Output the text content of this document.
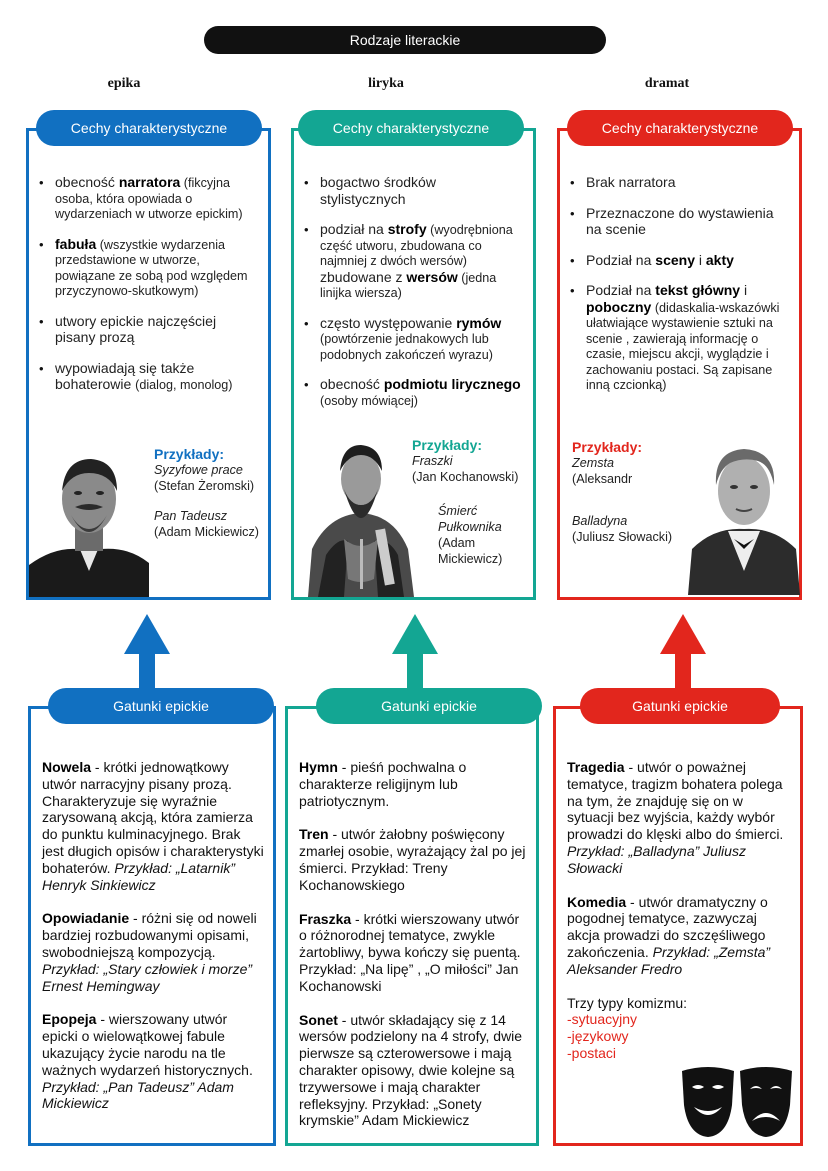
Rodzaje literackie
epika	liryka	dramat
Cechy charakterystyczne
• obecność narratora (fikcyjna osoba, która opowiada o wydarzeniach w utworze epickim)
• fabuła (wszystkie wydarzenia przedstawione w utworze, powiązane ze sobą pod względem przyczynowo-skutkowym)
• utwory epickie najczęściej pisany prozą
• wypowiadają się także bohaterowie (dialog, monolog)
Przykłady:
Syzyfowe prace
(Stefan Żeromski)
Pan Tadeusz
(Adam Mickiewicz)
Cechy charakterystyczne
• bogactwo środków stylistycznych
• podział na strofy (wyodrębniona część utworu, zbudowana co najmniej z dwóch wersów) zbudowane z wersów (jedna linijka wiersza)
• często występowanie rymów (powtórzenie jednakowych lub podobnych zakończeń wyrazu)
• obecność podmiotu lirycznego (osoby mówiącej)
Przykłady:
Fraszki
(Jan Kochanowski)
Śmierć Pułkownika
(Adam Mickiewicz)
Cechy charakterystyczne
• Brak narratora
• Przeznaczone do wystawienia na scenie
• Podział na sceny i akty
• Podział na tekst główny i poboczny (didaskalia-wskazówki ułatwiające wystawienie sztuki na scenie , zawierają informację o czasie, miejscu akcji, wyglądzie i zachowaniu postaci. Są zapisane inną czcionką)
Przykłady:
Zemsta
(Aleksandr
Balladyna
(Juliusz Słowacki)
Gatunki epickie

Nowela - krótki jednowątkowy utwór narracyjny pisany prozą. Charakteryzuje się wyraźnie zarysowaną akcją, która zamierza do punktu kulminacyjnego. Brak jest długich opisów i charakterystyki bohaterów. Przykład: „Latarnik” Henryk Sinkiewicz

Opowiadanie - różni się od noweli bardziej rozbudowanymi opisami, swobodniejszą kompozycją. Przykład: „Stary człowiek i morze” Ernest Hemingway

Epopeja - wierszowany utwór epicki o wielowątkowej fabule ukazujący życie narodu na tle ważnych wydarzeń historycznych. Przykład: „Pan Tadeusz” Adam Mickiewicz

Gatunki epickie

Hymn - pieśń pochwalna o charakterze religijnym lub patriotycznym.

Tren - utwór żałobny poświęcony zmarłej osobie, wyrażający żal po jej śmierci. Przykład: Treny Kochanowskiego

Fraszka - krótki wierszowany utwór o różnorodnej tematyce, zwykle żartobliwy, bywa kończy się puentą. Przykład: „Na lipę” , „O miłości” Jan Kochanowski

Sonet - utwór składający się z 14 wersów podzielony na 4 strofy, dwie pierwsze są czterowersowe i mają charakter opisowy, dwie kolejne są trzywersowe i mają charakter refleksyjny. Przykład: „Sonety krymskie” Adam Mickiewicz

Gatunki epickie

Tragedia - utwór o poważnej tematyce, tragizm bohatera polega na tym, że znajduję się on w sytuacji bez wyjścia, każdy wybór prowadzi do klęski albo do śmierci. Przykład: „Balladyna” Juliusz Słowacki

Komedia - utwór dramatyczny o pogodnej tematyce, zazwyczaj akcja prowadzi do szczęśliwego zakończenia. Przykład: „Zemsta” Aleksander Fredro

Trzy typy komizmu:
-sytuacyjny
-językowy
-postaci
